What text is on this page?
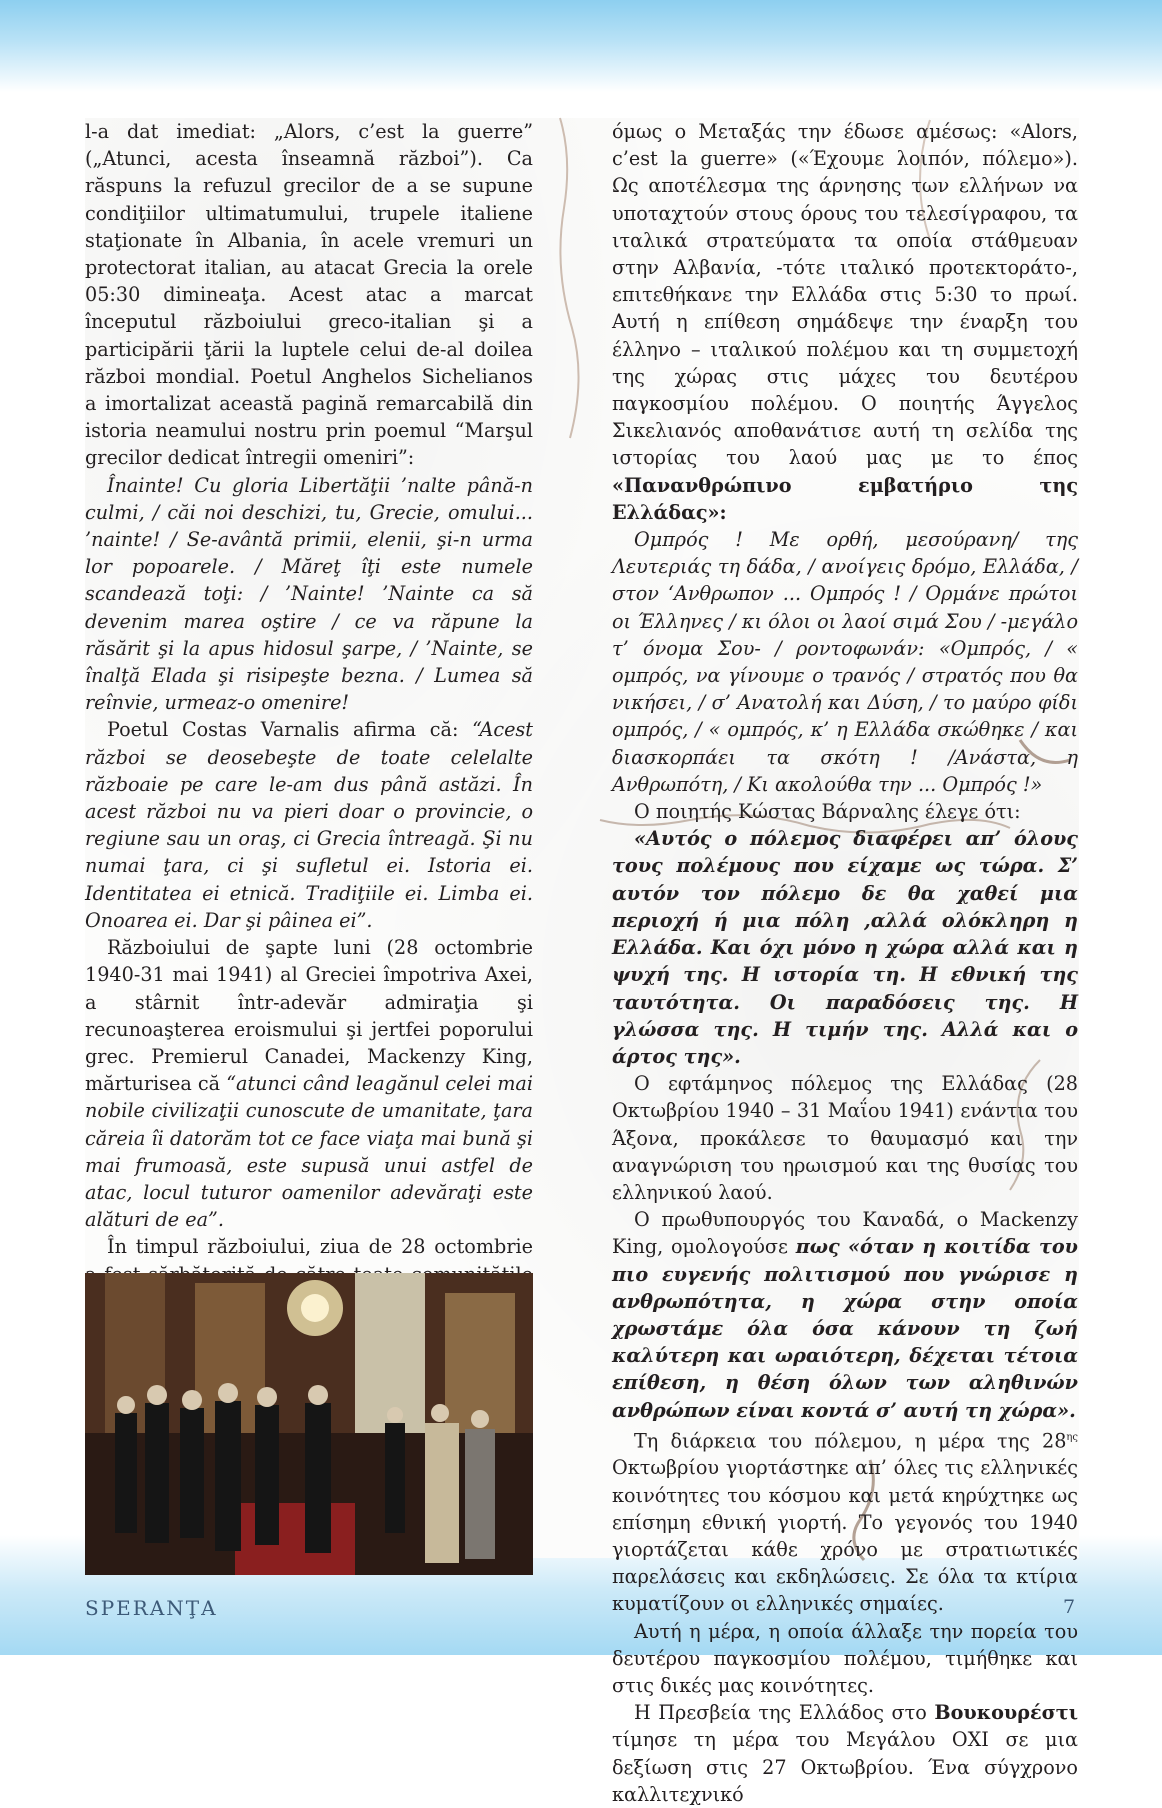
l-a dat imediat: „Alors, c’est la guerre” („Atunci, acesta înseamnă război”). Ca răspuns la refuzul grecilor de a se supune condiţiilor ultimatumului, trupele italiene staţionate în Albania, în acele vremuri un protectorat italian, au atacat Grecia la orele 05:30 dimineaţa. Acest atac a marcat începutul războiului greco-italian şi a participării ţării la luptele celui de-al doilea război mondial. Poetul Anghelos Sichelianos a imortalizat această pagină remarcabilă din istoria neamului nostru prin poemul “Marşul grecilor dedicat întregii omeniri”:

Înainte! Cu gloria Libertăţii ’nalte până-n culmi, / căi noi deschizi, tu, Grecie, omului... ’nainte! / Se-avântă primii, elenii, şi-n urma lor popoarele. / Măreţ îţi este numele scandează toţi: / ’Nainte! ’Nainte ca să devenim marea oştire / ce va răpune la răsărit şi la apus hidosul şarpe, / ’Nainte, se înalţă Elada şi risipeşte bezna. / Lumea să reînvie, urmeaz-o omenire!

Poetul Costas Varnalis afirma că: “Acest război se deosebeşte de toate celelalte războaie pe care le-am dus până astăzi. În acest război nu va pieri doar o provincie, o regiune sau un oraş, ci Grecia întreagă. Şi nu numai ţara, ci şi sufletul ei. Istoria ei. Identitatea ei etnică. Tradiţiile ei. Limba ei. Onoarea ei. Dar şi pâinea ei”.

Războiului de şapte luni (28 octombrie 1940-31 mai 1941) al Greciei împotriva Axei, a stârnit într-adevăr admiraţia şi recunoaşterea eroismului şi jertfei poporului grec. Premierul Canadei, Mackenzy King, mărturisea că “atunci când leagănul celei mai nobile civilizaţii cunoscute de umanitate, ţara căreia îi datorăm tot ce face viaţa mai bună şi mai frumoasă, este supusă unui astfel de atac, locul tuturor oamenilor adevăraţi este alături de ea”.

În timpul războiului, ziua de 28 octombrie

όμως ο Μεταξάς την έδωσε αμέσως: «Alors, c’est la guerre» («Έχουμε λοιπόν, πόλεμο»). Ως αποτέλεσμα της άρνησης των ελλήνων να υποταχτούν στους όρους του τελεσίγραφου, τα ιταλικά στρατεύματα τα οποία στάθμευαν στην Αλβανία, -τότε ιταλικό προτεκτοράτο-, επιτεθήκανε την Ελλάδα στις 5:30 το πρωί. Αυτή η επίθεση σημάδεψε την έναρξη του έλληνο – ιταλικού πολέμου και τη συμμετοχή της χώρας στις μάχες του δευτέρου παγκοσμίου πολέμου. Ο ποιητής Άγγελος Σικελιανός αποθανάτισε αυτή τη σελίδα της ιστορίας του λαού μας με το έπος «Πανανθρώπινο εμβατήριο της Ελλάδας»:

Ομπρός ! Με ορθή, μεσούρανη/ της Λευτεριάς τη δάδα, / ανοίγεις δρόμο, Ελλάδα, / στον ‘Ανθρωπον ... Ομπρός ! / Ορμάνε πρώτοι οι Έλληνες / κι όλοι οι λαοί σιμά Σου / -μεγάλο τ’ όνομα Σου- / ροντοφωνάν: «Ομπρός, / « ομπρός, να γίνουμε ο τρανός / στρατός που θα νικήσει, / σ’ Ανατολή και Δύση, / το μαύρο φίδι ομπρός, / « ομπρός, κ’ η Ελλάδα σκώθηκε / και διασκορπάει τα σκότη ! /Ανάστα, η Ανθρωπότη, / Κι ακολούθα την ... Ομπρός !»

Ο ποιητής Κώστας Βάρναλης έλεγε ότι:

«Αυτός ο πόλεμος διαφέρει απ’ όλους τους πολέμους που είχαμε ως τώρα. Σ’ αυτόν τον πόλεμο δε θα χαθεί μια περιοχή ή μια πόλη ,αλλά ολόκληρη η Ελλάδα. Και όχι μόνο η χώρα αλλά και η ψυχή της. Η ιστορία τη. Η εθνική της ταυτότητα. Οι παραδόσεις της. Η γλώσσα της. Η τιμήν της. Αλλά και ο άρτος της».

Ο εφτάμηνος πόλεμος της Ελλάδας (28 Οκτωβρίου 1940 – 31 Μαΐου 1941) ενάντια του Άξονα, προκάλεσε το θαυμασμό και την αναγνώριση του ηρωισμού και της θυσίας του ελληνικού λαού.

Ο πρωθυπουργός του Καναδά, ο Mackenzy King, ομολογούσε πως «όταν η κοιτίδα του πιο ευγενής πολιτισμού που γνώρισε η ανθρωπότητα, η χώρα στην οποία χρωστάμε όλα όσα κάνουν τη ζωή καλύτερη και ωραιότερη, δέχεται τέτοια επίθεση, η θέση όλων των αληθινών ανθρώπων είναι κοντά σ’ αυτή τη χώρα».

Τη διάρκεια του πόλεμου, η μέρα της $28^{\eta\varsigma}$ Οκτωβρίου γιορτάστηκε απ’ όλες τις ελληνικές κοινότητες του κόσμου και μετά κηρύχτηκε ως επίσημη εθνική γιορτή. Το γεγονός του 1940 γιορτάζεται κάθε χρόνο με στρατιωτικές παρελάσεις και εκδηλώσεις. Σε όλα τα κτίρια κυματίζουν οι ελληνικές σημαίες.

Αυτή η μέρα, η οποία άλλαξε την πορεία του δευτέρου παγκοσμίου πολέμου, τιμήθηκε και στις δικές μας κοινότητες.

Η Πρεσβεία της Ελλάδος στο Βουκουρέστι τίμησε τη μέρα του Μεγάλου ΟΧΙ σε μια δεξίωση στις 27 Οκτωβρίου. Ένα σύγχρονο καλλιτεχνικό

SPERANŢA	7
